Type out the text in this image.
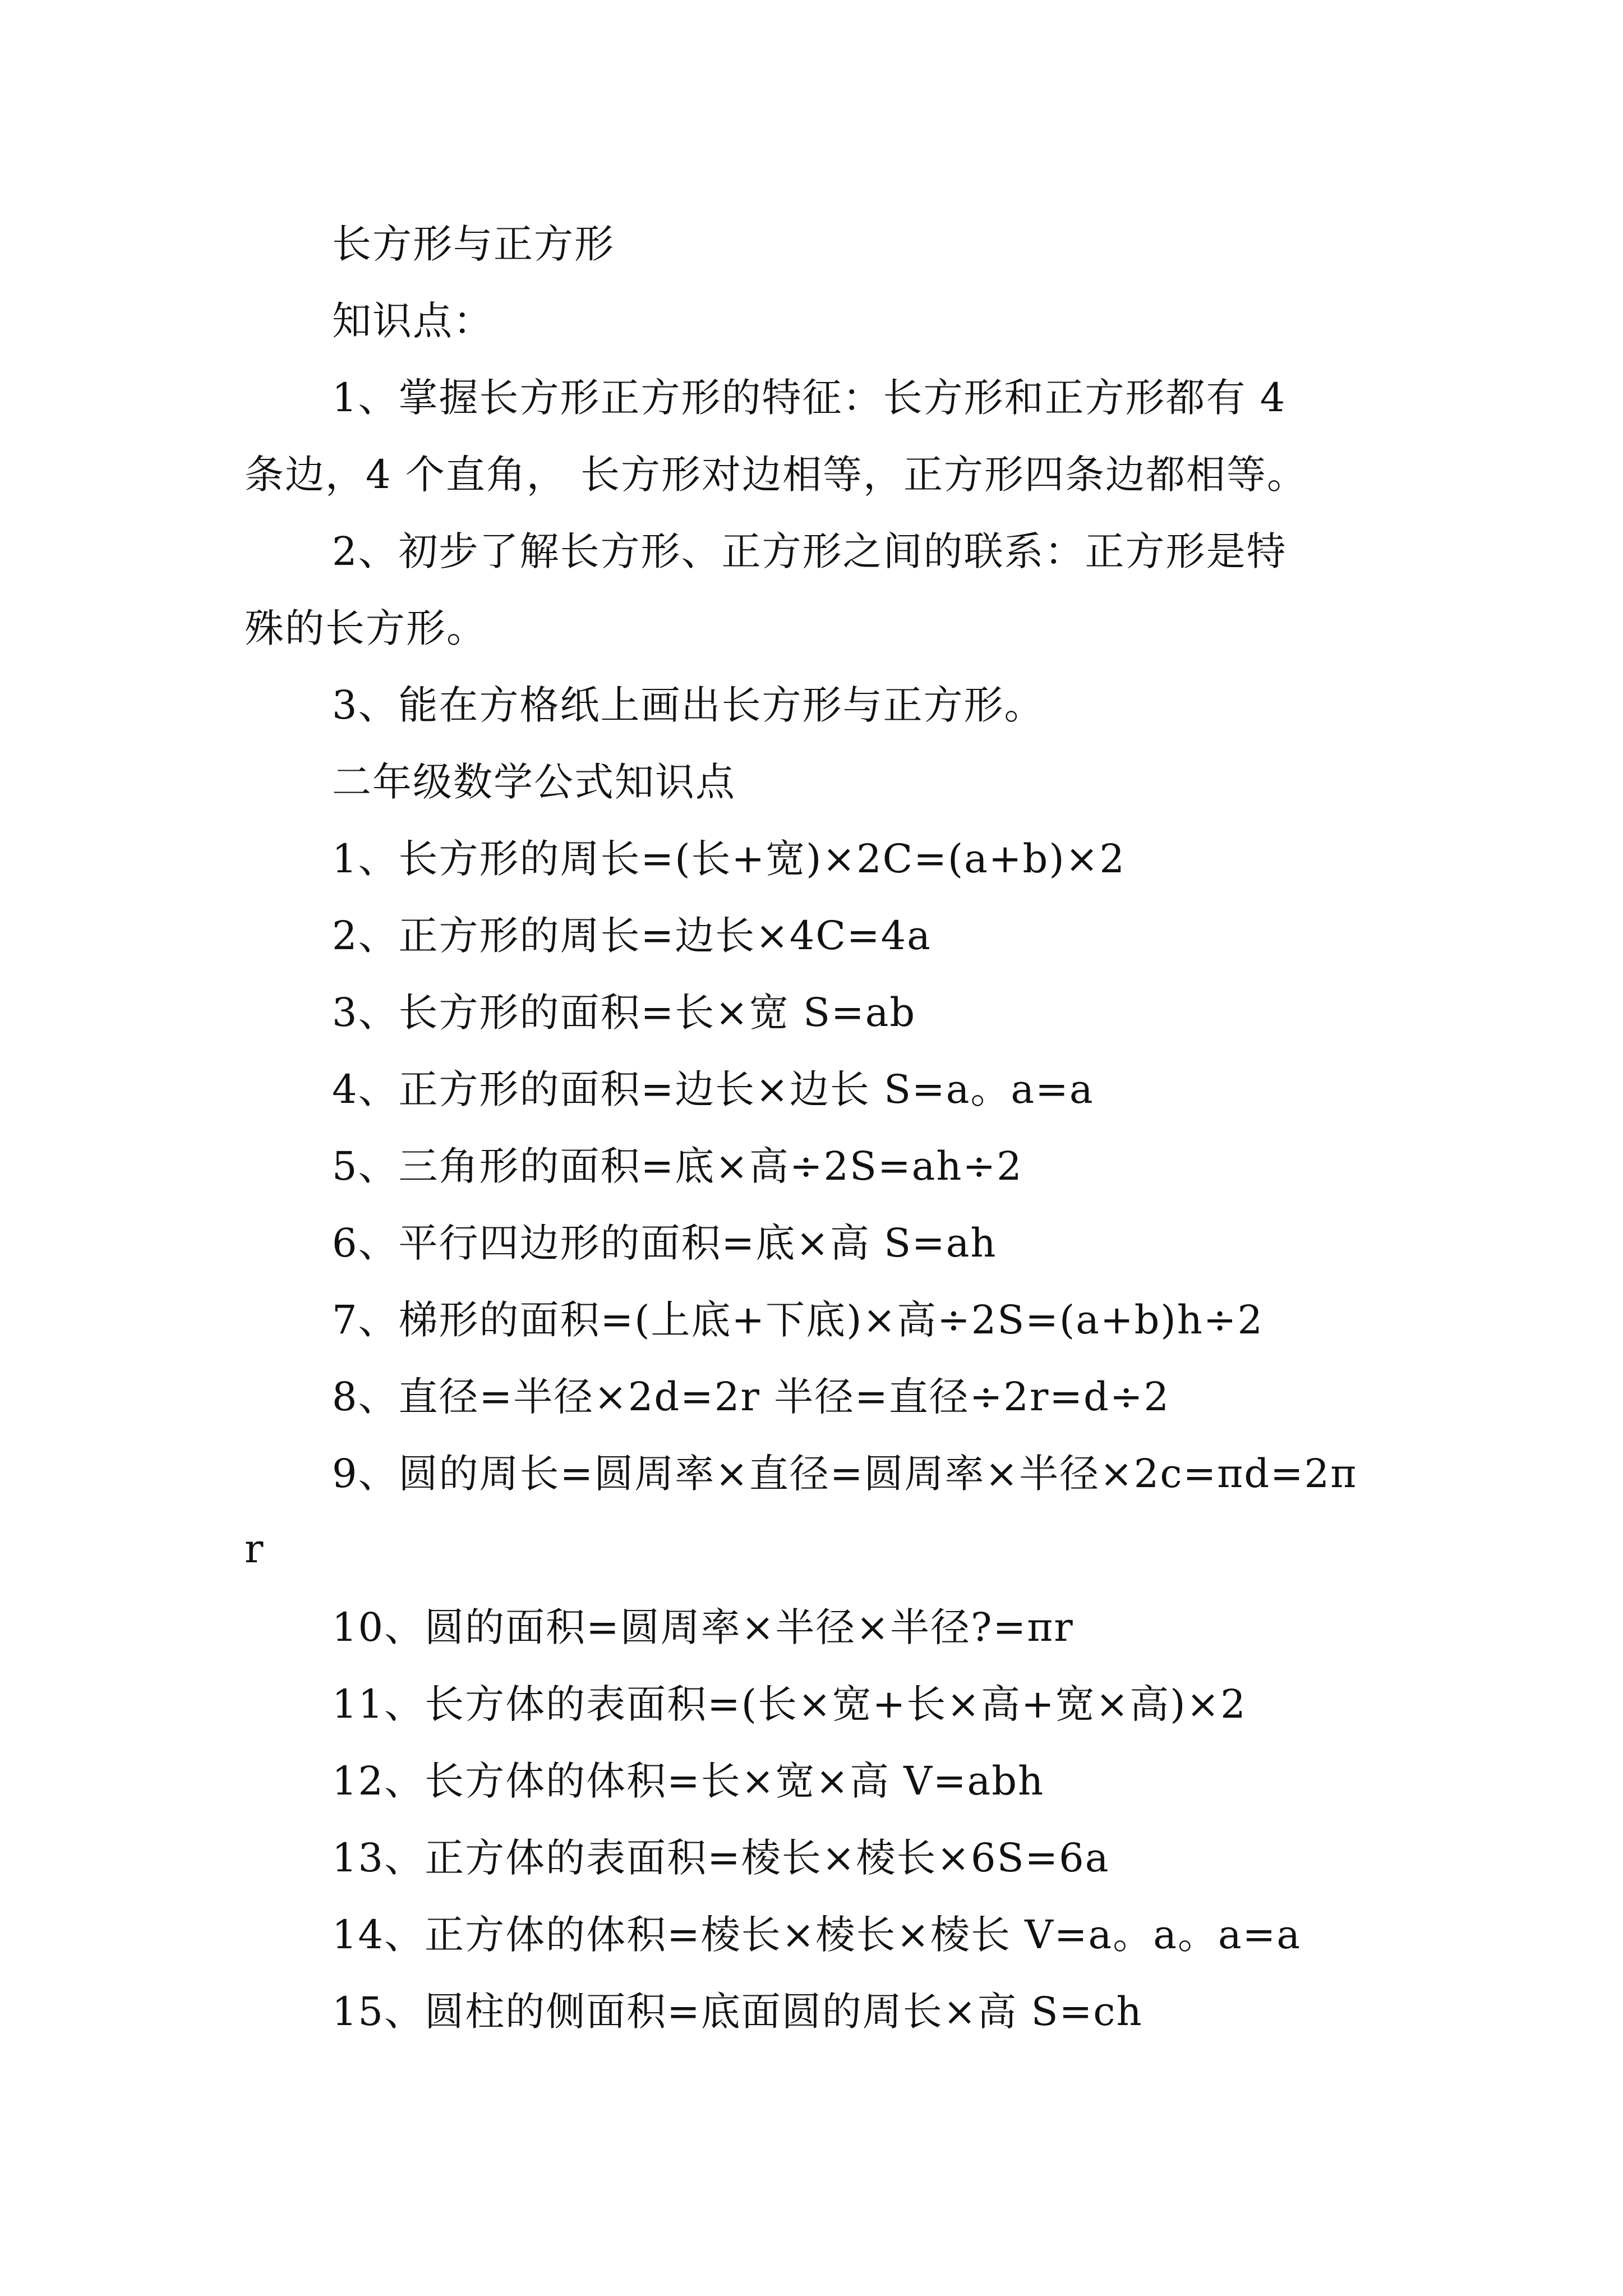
长方形与正方形
知识点：
1、掌握长方形正方形的特征：长方形和正方形都有 4
条边，4 个直角， 长方形对边相等，正方形四条边都相等。
2、初步了解长方形、正方形之间的联系：正方形是特
殊的长方形。
3、能在方格纸上画出长方形与正方形。
二年级数学公式知识点
1、长方形的周长=(长+宽)×2C=(a+b)×2
2、正方形的周长=边长×4C=4a
3、长方形的面积=长×宽 S=ab
4、正方形的面积=边长×边长 S=a。a=a
5、三角形的面积=底×高÷2S=ah÷2
6、平行四边形的面积=底×高 S=ah
7、梯形的面积=(上底+下底)×高÷2S=(a+b)h÷2
8、直径=半径×2d=2r 半径=直径÷2r=d÷2
9、圆的周长=圆周率×直径=圆周率×半径×2c=πd=2π
r
10、圆的面积=圆周率×半径×半径?=πr
11、长方体的表面积=(长×宽+长×高+宽×高)×2
12、长方体的体积=长×宽×高 V=abh
13、正方体的表面积=棱长×棱长×6S=6a
14、正方体的体积=棱长×棱长×棱长 V=a。a。a=a
15、圆柱的侧面积=底面圆的周长×高 S=ch
